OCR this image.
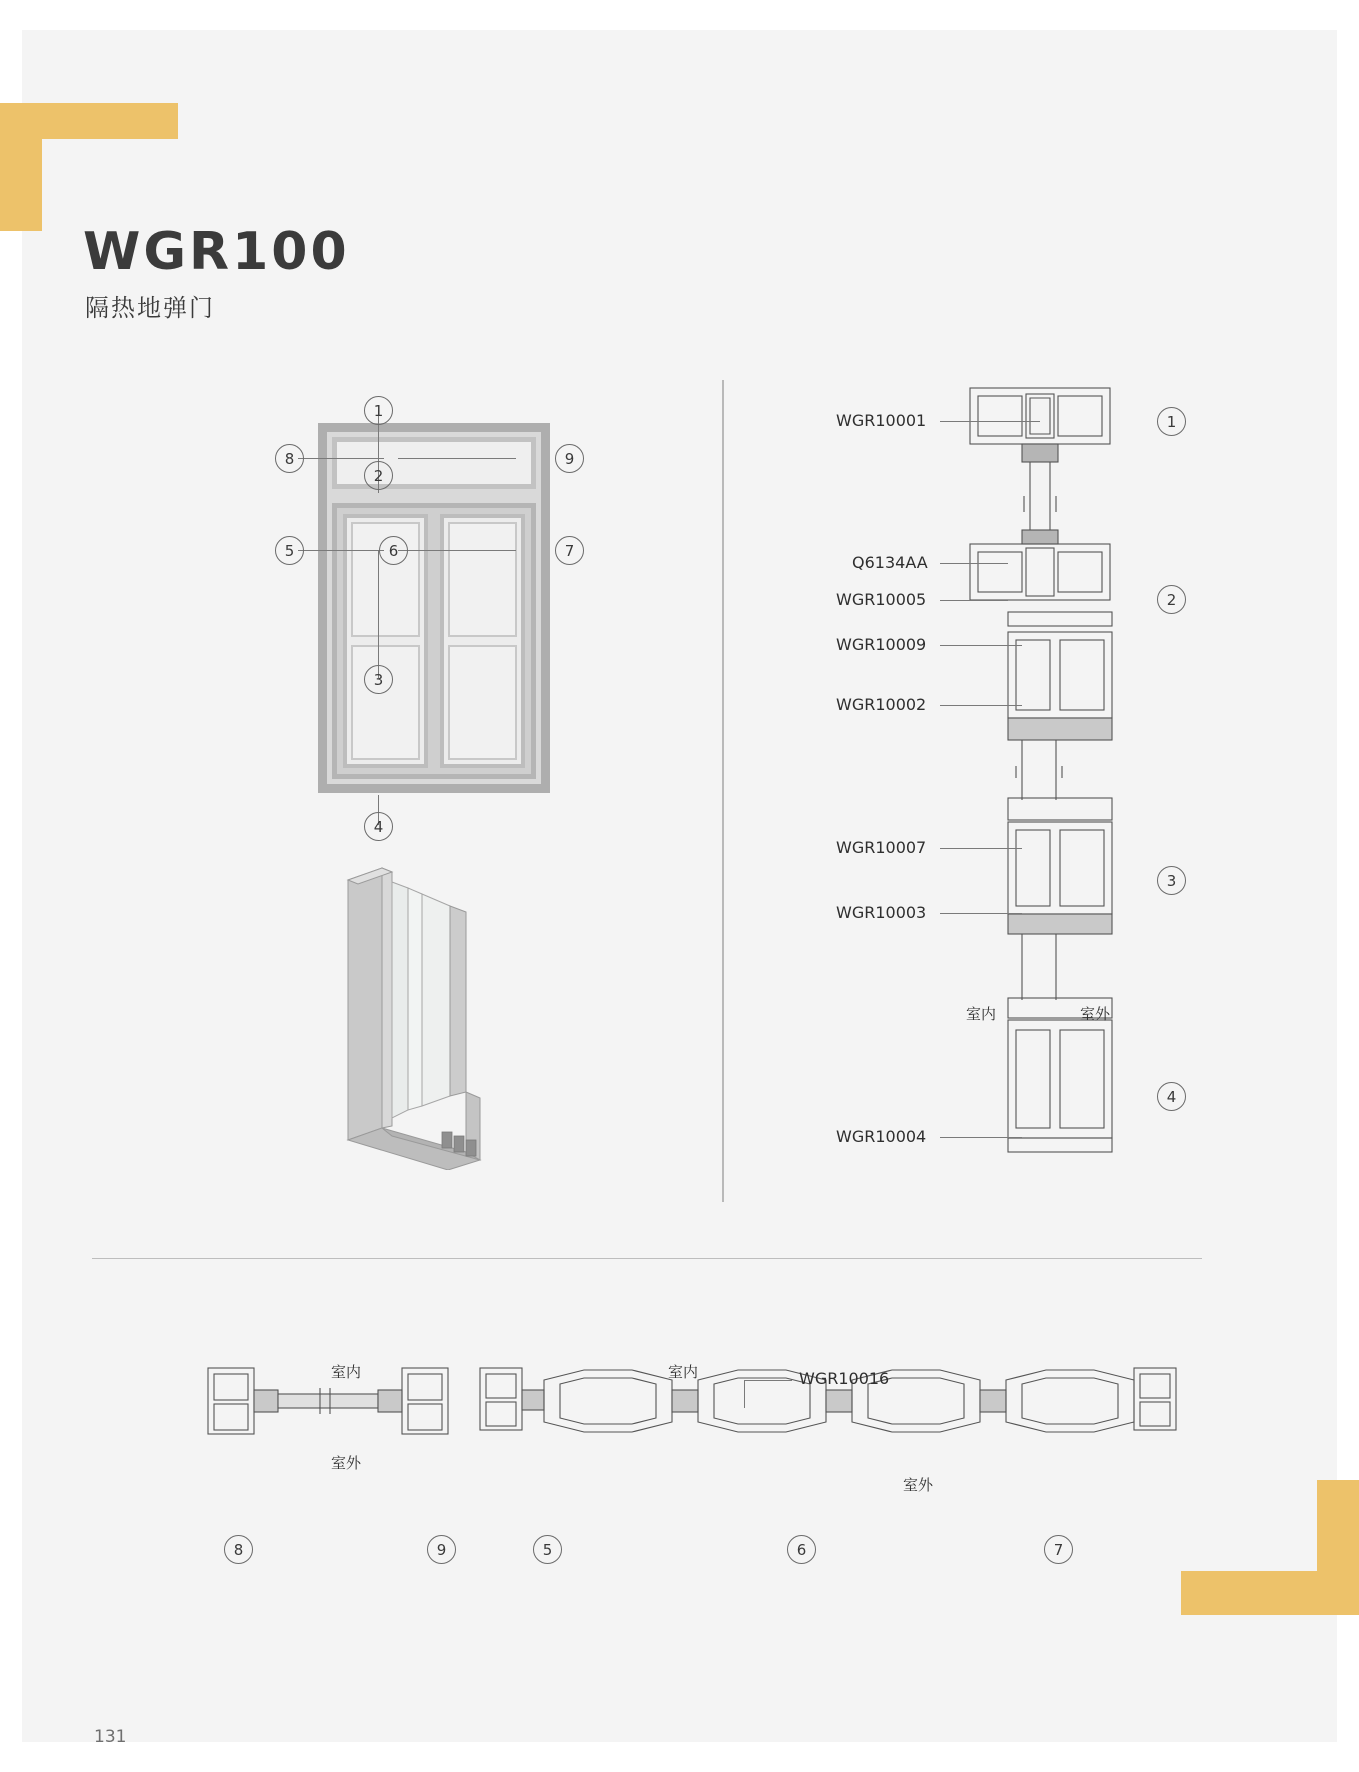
WGR100
隔热地弹门
131
1
2
6
3
4
8	9
5	7
WGR10001
Q6134AA
WGR10005
WGR10009
WGR10002
WGR10007
WGR10003
WGR10004
室内	室外
1
2
3
4
室内
室外
室内
室外
WGR10016
8	9	5	6	7
